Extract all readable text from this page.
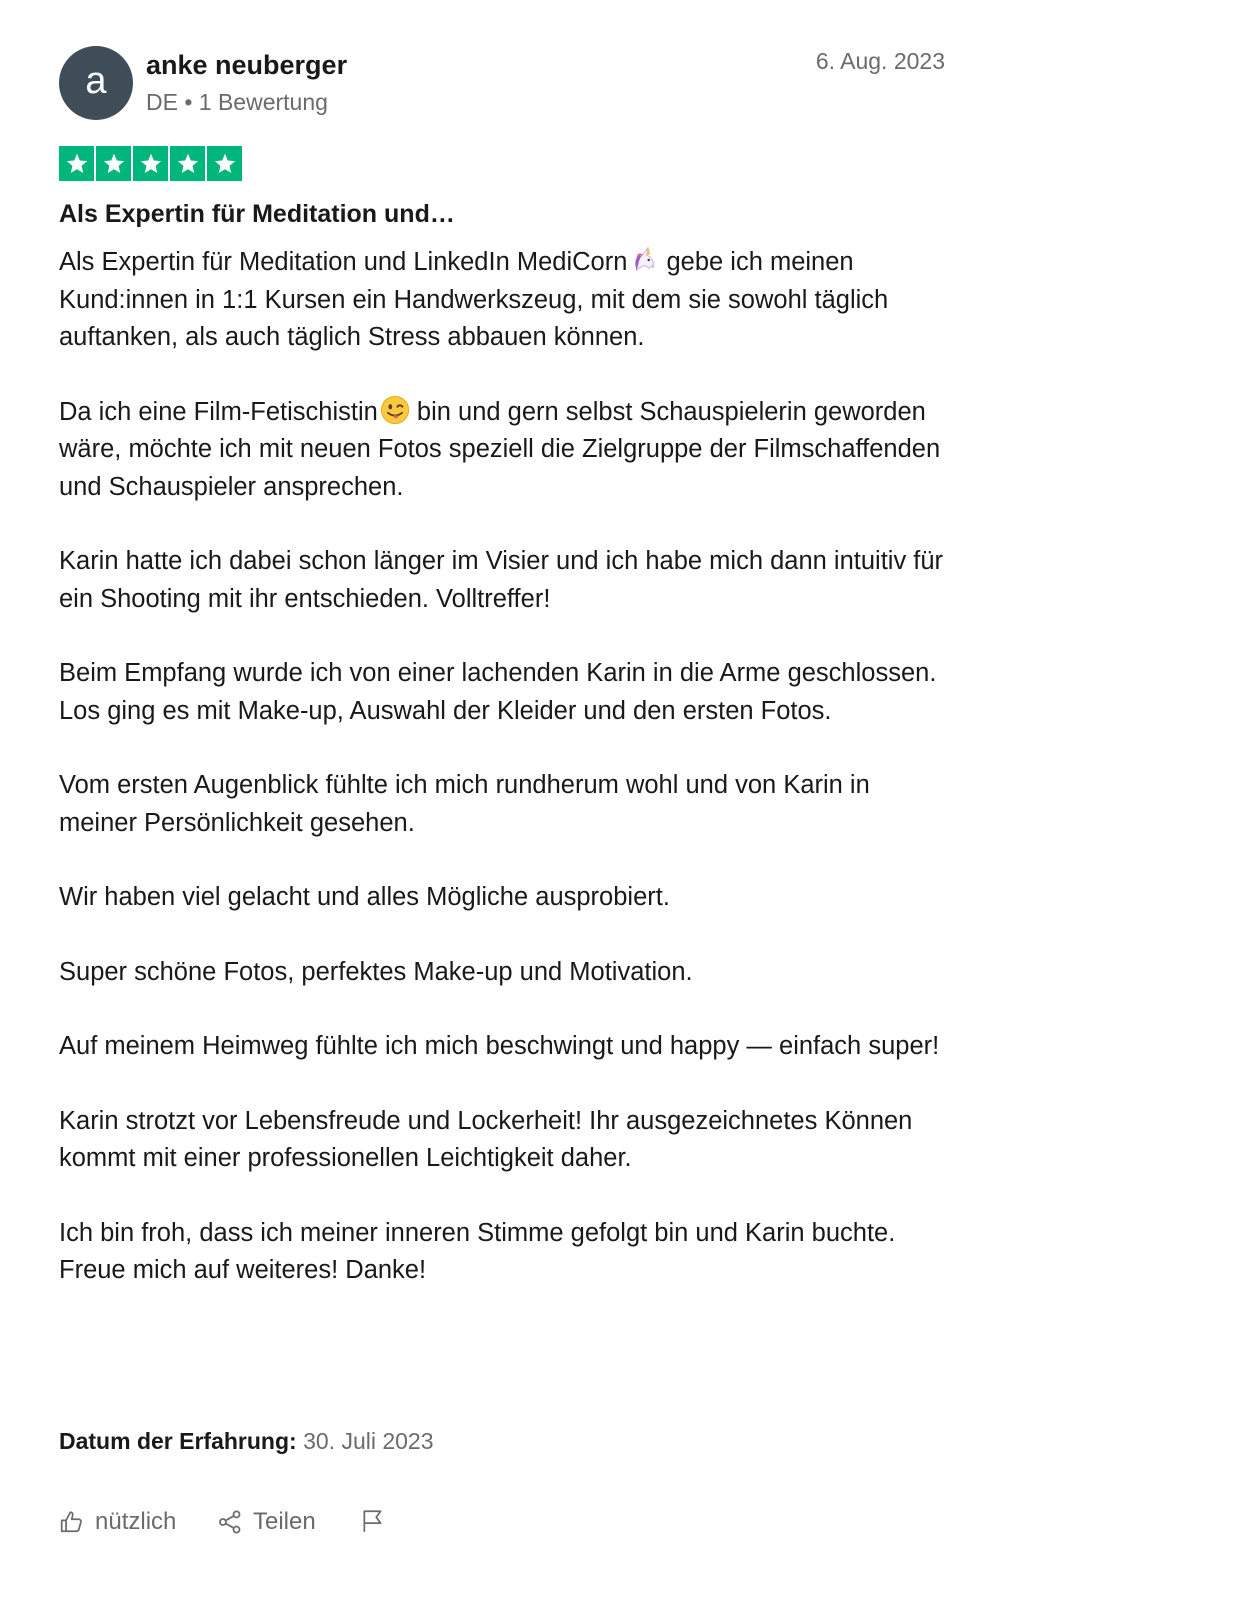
a	anke neuberger
DE • 1 Bewertung
6. Aug. 2023
Als Expertin für Meditation und…

Als Expertin für Meditation und LinkedIn MediCorn gebe ich meinen Kund:innen in 1:1 Kursen ein Handwerkszeug, mit dem sie sowohl täglich auftanken, als auch täglich Stress abbauen können.

Da ich eine Film-Fetischistin bin und gern selbst Schauspielerin geworden wäre, möchte ich mit neuen Fotos speziell die Zielgruppe der Filmschaffenden und Schauspieler ansprechen.

Karin hatte ich dabei schon länger im Visier und ich habe mich dann intuitiv für ein Shooting mit ihr entschieden. Volltreffer!

Beim Empfang wurde ich von einer lachenden Karin in die Arme geschlossen.
Los ging es mit Make-up, Auswahl der Kleider und den ersten Fotos.

Vom ersten Augenblick fühlte ich mich rundherum wohl und von Karin in meiner Persönlichkeit gesehen.

Wir haben viel gelacht und alles Mögliche ausprobiert.

Super schöne Fotos, perfektes Make-up und Motivation.

Auf meinem Heimweg fühlte ich mich beschwingt und happy — einfach super!

Karin strotzt vor Lebensfreude und Lockerheit! Ihr ausgezeichnetes Können kommt mit einer professionellen Leichtigkeit daher.

Ich bin froh, dass ich meiner inneren Stimme gefolgt bin und Karin buchte.
Freue mich auf weiteres! Danke!

Datum der Erfahrung: 30. Juli 2023
nützlich	Teilen
